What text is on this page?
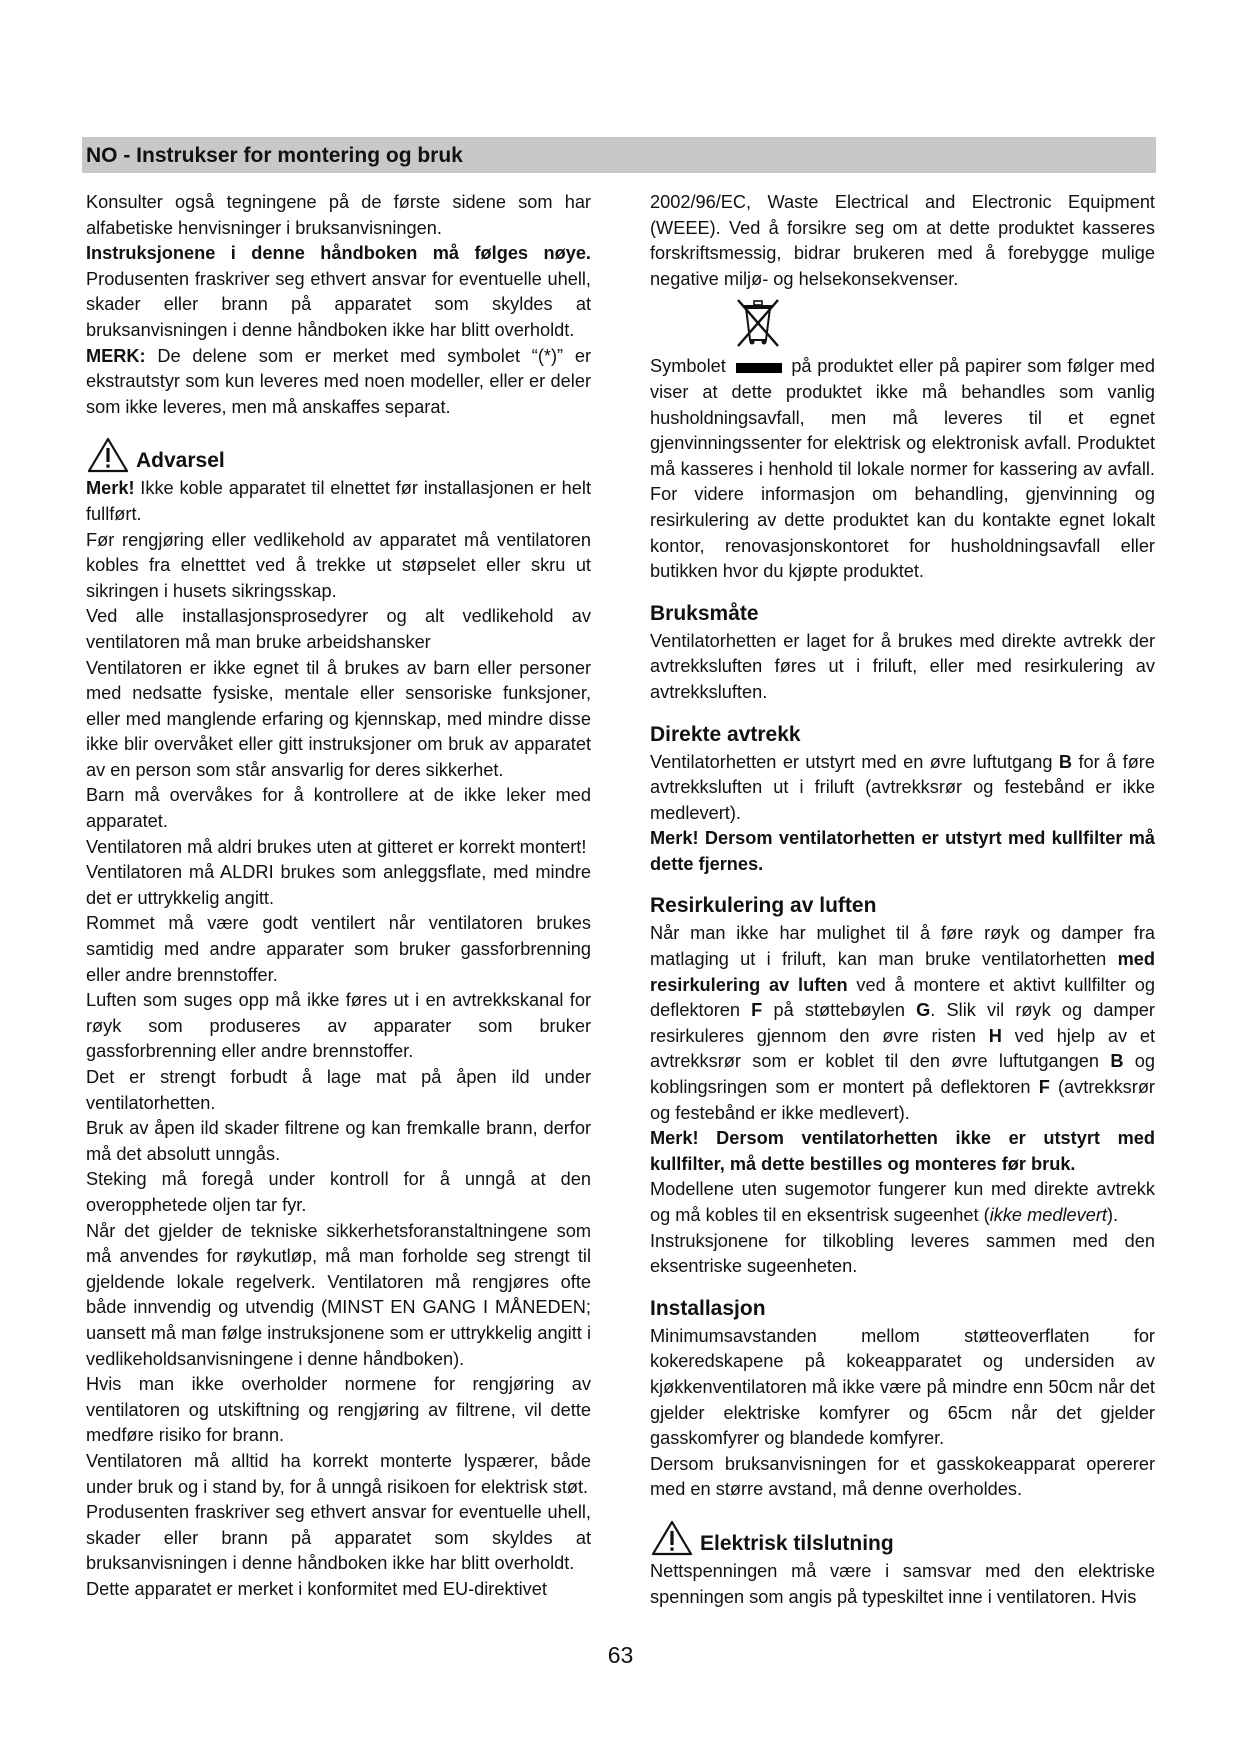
NO - Instrukser for montering og bruk

Konsulter også tegningene på de første sidene som har alfabetiske henvisninger i bruksanvisningen.

Instruksjonene i denne håndboken må følges nøye. Produsenten fraskriver seg ethvert ansvar for eventuelle uhell, skader eller brann på apparatet som skyldes at bruksanvisningen i denne håndboken ikke har blitt overholdt.

MERK: De delene som er merket med symbolet “(*)” er ekstrautstyr som kun leveres med noen modeller, eller er deler som ikke leveres, men må anskaffes separat.

Advarsel

Merk! Ikke koble apparatet til elnettet før installasjonen er helt fullført.

Før rengjøring eller vedlikehold av apparatet må ventilatoren kobles fra elnetttet ved å trekke ut støpselet eller skru ut sikringen i husets sikringsskap.

Ved alle installasjonsprosedyrer og alt vedlikehold av ventilatoren må man bruke arbeidshansker

Ventilatoren er ikke egnet til å brukes av barn eller personer med nedsatte fysiske, mentale eller sensoriske funksjoner, eller med manglende erfaring og kjennskap, med mindre disse ikke blir overvåket eller gitt instruksjoner om bruk av apparatet av en person som står ansvarlig for deres sikkerhet.

Barn må overvåkes for å kontrollere at de ikke leker med apparatet.

Ventilatoren må aldri brukes uten at gitteret er korrekt montert!

Ventilatoren må ALDRI brukes som anleggsflate, med mindre det er uttrykkelig angitt.

Rommet må være godt ventilert når ventilatoren brukes samtidig med andre apparater som bruker gassforbrenning eller andre brennstoffer.

Luften som suges opp må ikke føres ut i en avtrekkskanal for røyk som produseres av apparater som bruker gassforbrenning eller andre brennstoffer.

Det er strengt forbudt å lage mat på åpen ild under ventilatorhetten.

Bruk av åpen ild skader filtrene og kan fremkalle brann, derfor må det absolutt unngås.

Steking må foregå under kontroll for å unngå at den overopphetede oljen tar fyr.

Når det gjelder de tekniske sikkerhetsforanstaltningene som må anvendes for røykutløp, må man forholde seg strengt til gjeldende lokale regelverk. Ventilatoren må rengjøres ofte både innvendig og utvendig (MINST EN GANG I MÅNEDEN; uansett må man følge instruksjonene som er uttrykkelig angitt i vedlikeholdsanvisningene i denne håndboken).

Hvis man ikke overholder normene for rengjøring av ventilatoren og utskiftning og rengjøring av filtrene, vil dette medføre risiko for brann.

Ventilatoren må alltid ha korrekt monterte lyspærer, både under bruk og i stand by, for å unngå risikoen for elektrisk støt.

Produsenten fraskriver seg ethvert ansvar for eventuelle uhell, skader eller brann på apparatet som skyldes at bruksanvisningen i denne håndboken ikke har blitt overholdt.

Dette apparatet er merket i konformitet med EU-direktivet

2002/96/EC, Waste Electrical and Electronic Equipment (WEEE). Ved å forsikre seg om at dette produktet kasseres forskriftsmessig, bidrar brukeren med å forebygge mulige negative miljø- og helsekonsekvenser.

Symbolet	på produktet eller på papirer som følger med viser at dette produktet ikke må behandles som vanlig husholdningsavfall, men må leveres til et egnet gjenvinningssenter for elektrisk og elektronisk avfall. Produktet må kasseres i henhold til lokale normer for kassering av avfall. For videre informasjon om behandling, gjenvinning og resirkulering av dette produktet kan du kontakte egnet lokalt kontor, renovasjonskontoret for husholdningsavfall eller butikken hvor du kjøpte produktet.

Bruksmåte

Ventilatorhetten er laget for å brukes med direkte avtrekk der avtrekksluften føres ut i friluft, eller med resirkulering av avtrekksluften.

Direkte avtrekk

Ventilatorhetten er utstyrt med en øvre luftutgang B for å føre avtrekksluften ut i friluft (avtrekksrør og festebånd er ikke medlevert).

Merk! Dersom ventilatorhetten er utstyrt med kullfilter må dette fjernes.

Resirkulering av luften

Når man ikke har mulighet til å føre røyk og damper fra matlaging ut i friluft, kan man bruke ventilatorhetten med resirkulering av luften ved å montere et aktivt kullfilter og deflektoren F på støttebøylen G. Slik vil røyk og damper resirkuleres gjennom den øvre risten H ved hjelp av et avtrekksrør som er koblet til den øvre luftutgangen B og koblingsringen som er montert på deflektoren F (avtrekksrør og festebånd er ikke medlevert).

Merk! Dersom ventilatorhetten ikke er utstyrt med kullfilter, må dette bestilles og monteres før bruk.

Modellene uten sugemotor fungerer kun med direkte avtrekk og må kobles til en eksentrisk sugeenhet (ikke medlevert).

Instruksjonene for tilkobling leveres sammen med den eksentriske sugeenheten.

Installasjon

Minimumsavstanden mellom støtteoverflaten for kokeredskapene på kokeapparatet og undersiden av kjøkkenventilatoren må ikke være på mindre enn 50cm når det gjelder elektriske komfyrer og 65cm når det gjelder gasskomfyrer og blandede komfyrer.

Dersom bruksanvisningen for et gasskokeapparat opererer med en større avstand, må denne overholdes.

Elektrisk tilslutning

Nettspenningen må være i samsvar med den elektriske spenningen som angis på typeskiltet inne i ventilatoren. Hvis

63
